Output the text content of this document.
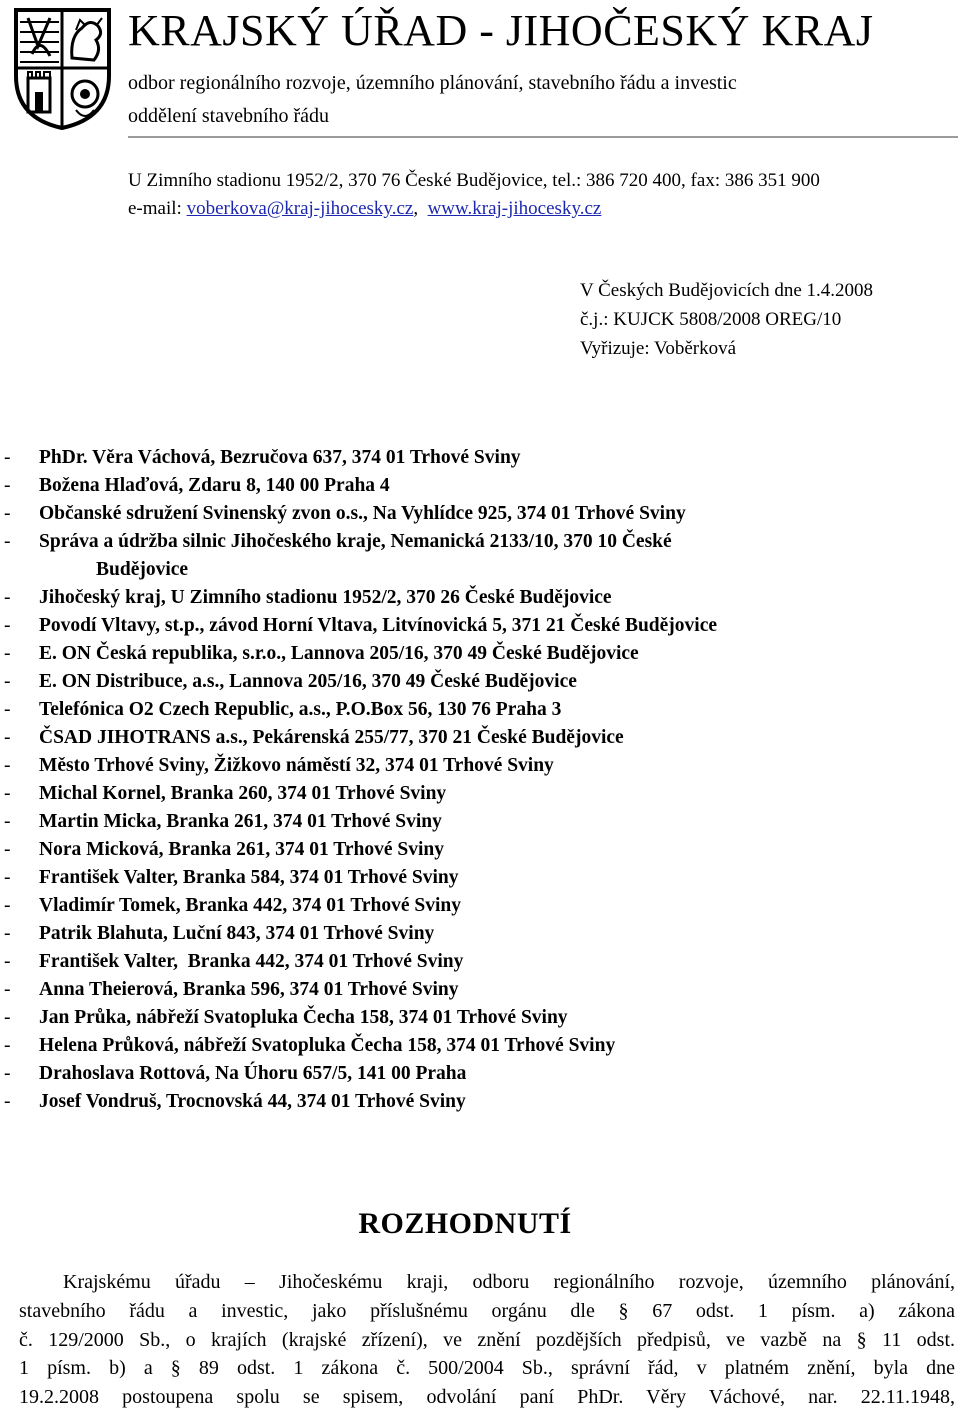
KRAJSKÝ ÚŘAD - JIHOČESKÝ KRAJ
odbor regionálního rozvoje, územního plánování, stavebního řádu a investic
oddělení stavebního řádu
U Zimního stadionu 1952/2, 370 76 České Budějovice, tel.: 386 720 400, fax: 386 351 900
e-mail: voberkova@kraj-jihocesky.cz,  www.kraj-jihocesky.cz
V Českých Budějovicích dne 1.4.2008
č.j.: KUJCK 5808/2008 OREG/10
Vyřizuje: Voběrková
- PhDr. Věra Váchová, Bezručova 637, 374 01 Trhové Sviny
- Božena Hlaďová, Zdaru 8, 140 00 Praha 4
- Občanské sdružení Svinenský zvon o.s., Na Vyhlídce 925, 374 01 Trhové Sviny
- Správa a údržba silnic Jihočeského kraje, Nemanická 2133/10, 370 10 České
Budějovice
- Jihočeský kraj, U Zimního stadionu 1952/2, 370 26 České Budějovice
- Povodí Vltavy, st.p., závod Horní Vltava, Litvínovická 5, 371 21 České Budějovice
- E. ON Česká republika, s.r.o., Lannova 205/16, 370 49 České Budějovice
- E. ON Distribuce, a.s., Lannova 205/16, 370 49 České Budějovice
- Telefónica O2 Czech Republic, a.s., P.O.Box 56, 130 76 Praha 3
- ČSAD JIHOTRANS a.s., Pekárenská 255/77, 370 21 České Budějovice
- Město Trhové Sviny, Žižkovo náměstí 32, 374 01 Trhové Sviny
- Michal Kornel, Branka 260, 374 01 Trhové Sviny
- Martin Micka, Branka 261, 374 01 Trhové Sviny
- Nora Micková, Branka 261, 374 01 Trhové Sviny
- František Valter, Branka 584, 374 01 Trhové Sviny
- Vladimír Tomek, Branka 442, 374 01 Trhové Sviny
- Patrik Blahuta, Luční 843, 374 01 Trhové Sviny
- František Valter,  Branka 442, 374 01 Trhové Sviny
- Anna Theierová, Branka 596, 374 01 Trhové Sviny
- Jan Průka, nábřeží Svatopluka Čecha 158, 374 01 Trhové Sviny
- Helena Průková, nábřeží Svatopluka Čecha 158, 374 01 Trhové Sviny
- Drahoslava Rottová, Na Úhoru 657/5, 141 00 Praha
- Josef Vondruš, Trocnovská 44, 374 01 Trhové Sviny
ROZHODNUTÍ
Krajskému úřadu – Jihočeskému kraji, odboru regionálního rozvoje, územního plánování,
stavebního řádu a investic, jako příslušnému orgánu dle § 67 odst. 1 písm. a) zákona
č. 129/2000 Sb., o krajích (krajské zřízení), ve znění pozdějších předpisů, ve vazbě na § 11 odst.
1 písm. b) a § 89 odst. 1 zákona č. 500/2004 Sb., správní řád, v platném znění, byla dne
19.2.2008 postoupena spolu se spisem, odvolání paní PhDr. Věry Váchové, nar. 22.11.1948,
